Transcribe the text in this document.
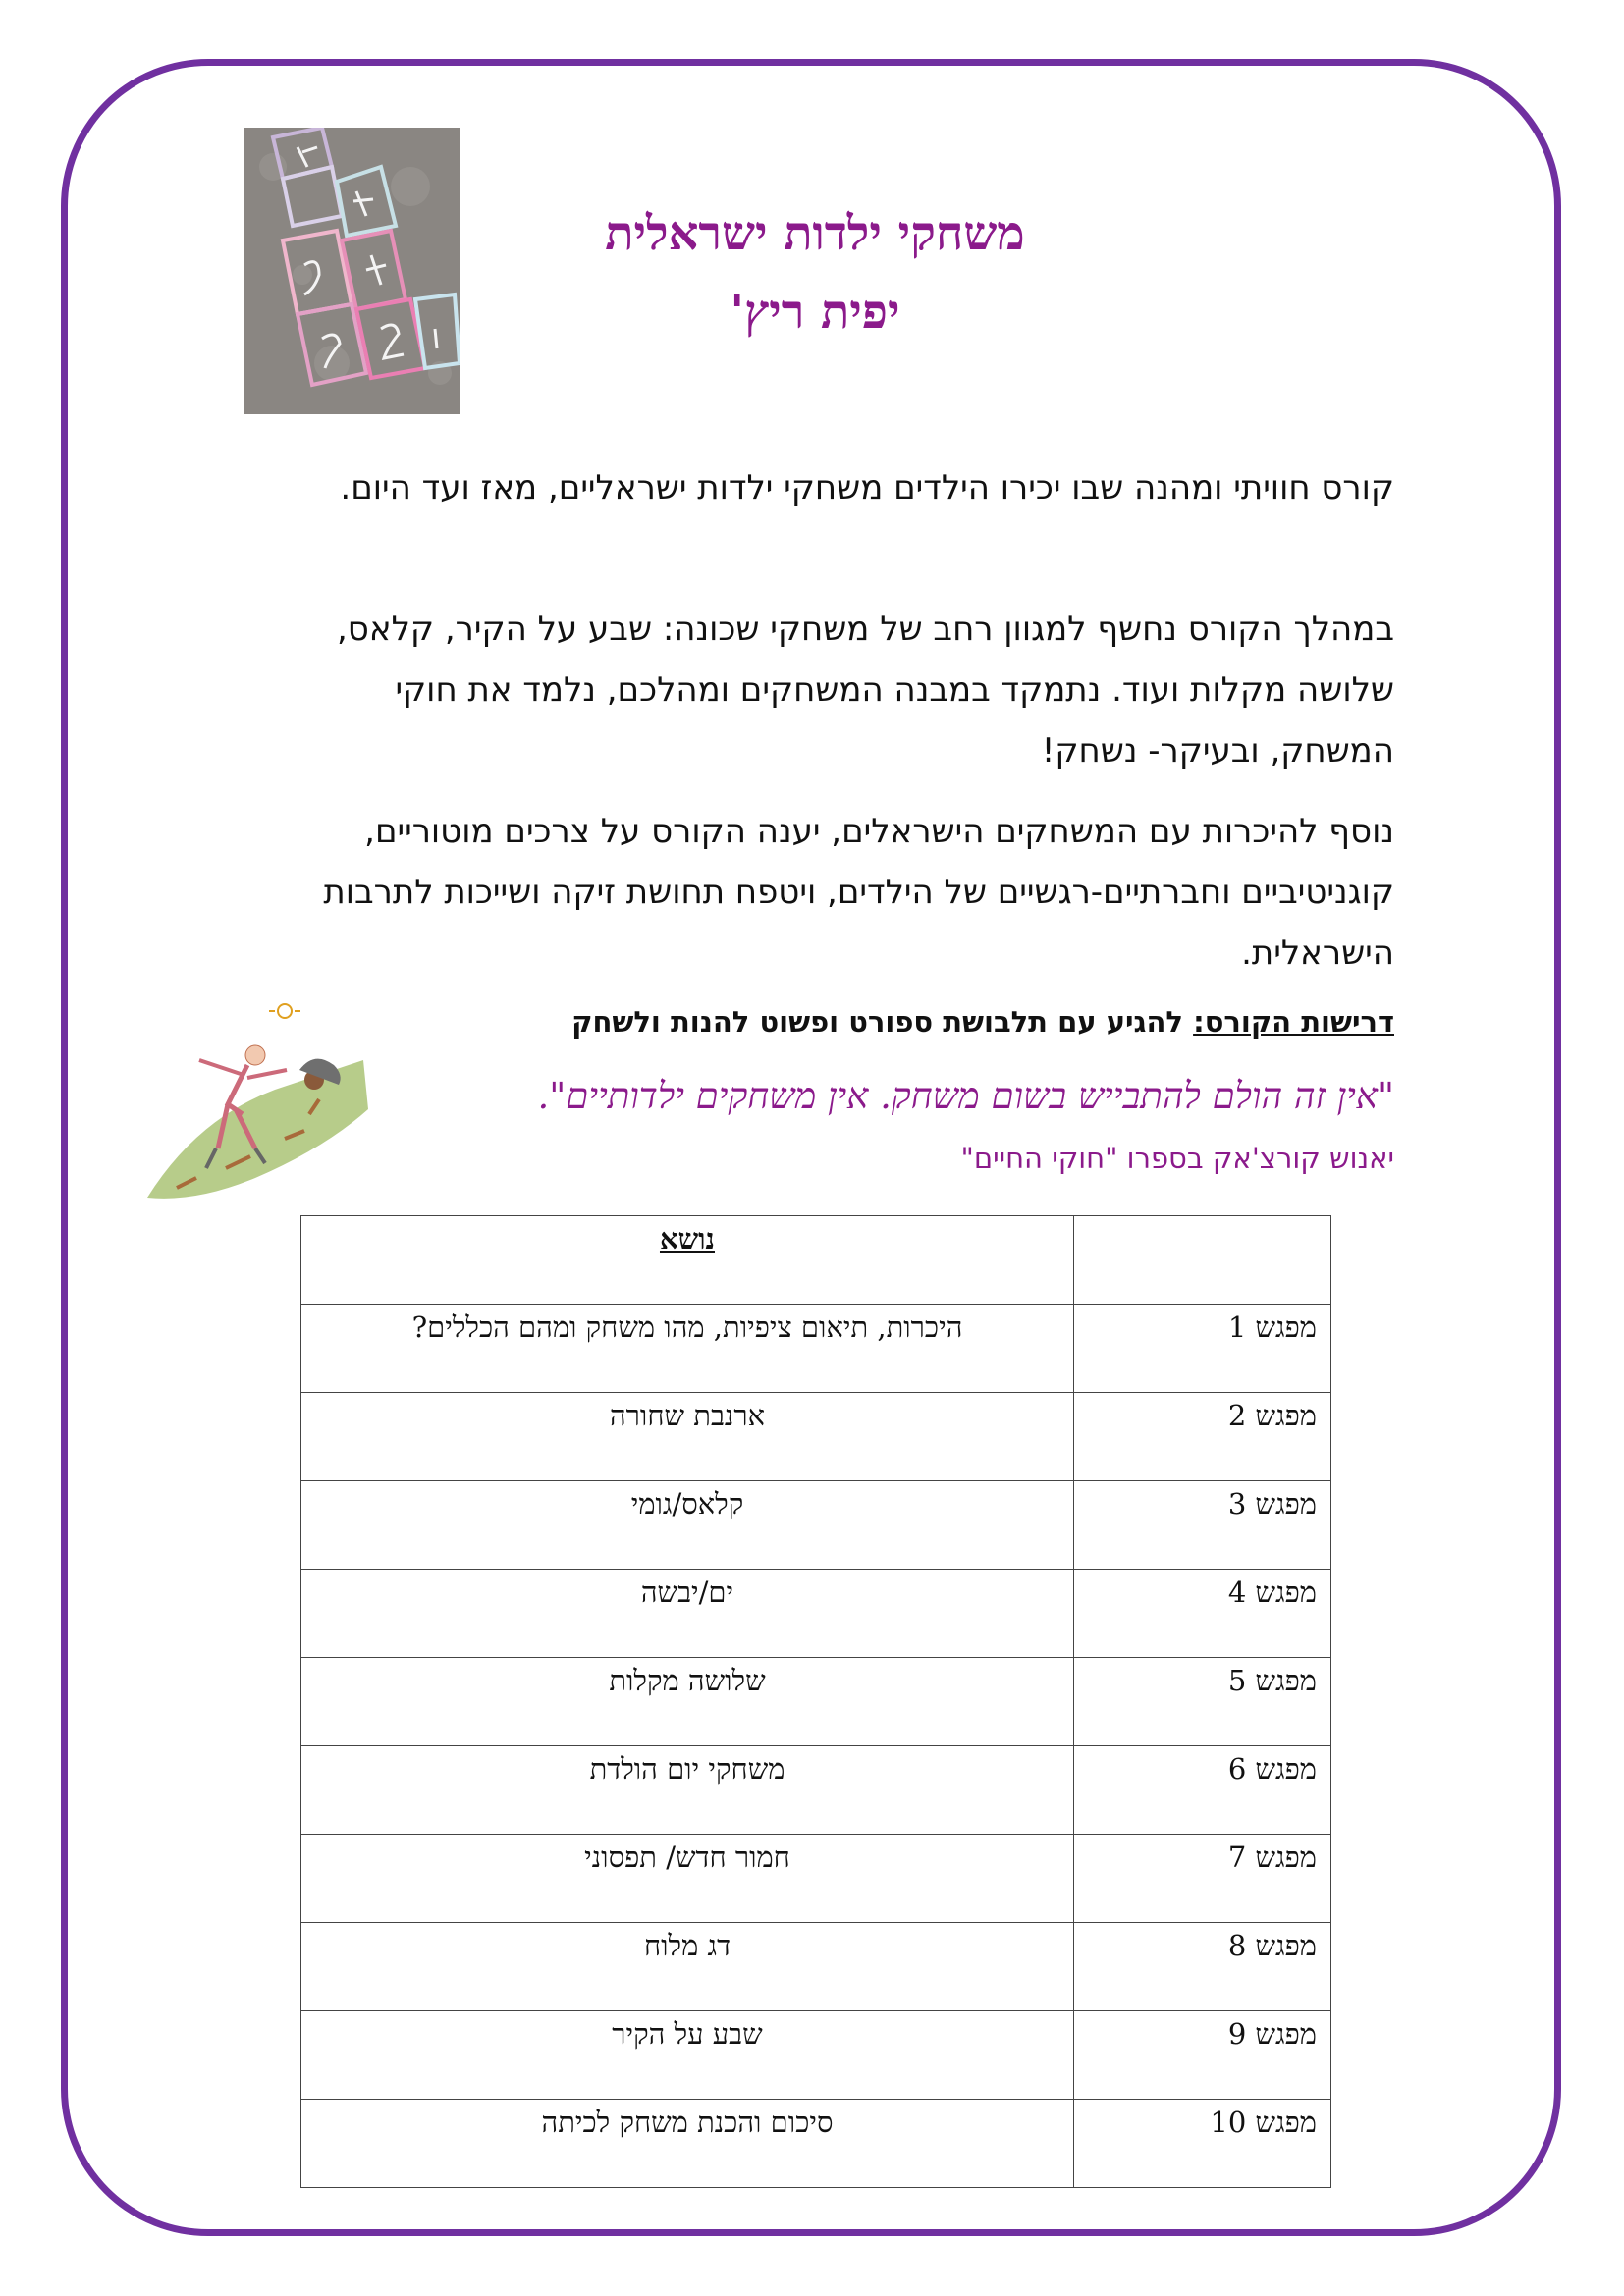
משחקי ילדות ישראלית
יפית ריץ'

קורס חוויתי ומהנה שבו יכירו הילדים משחקי ילדות ישראליים, מאז ועד היום.

במהלך הקורס נחשף למגוון רחב של משחקי שכונה: שבע על הקיר, קלאס, שלושה מקלות ועוד. נתמקד במבנה המשחקים ומהלכם, נלמד את חוקי המשחק, ובעיקר- נשחק!

נוסף להיכרות עם המשחקים הישראלים, יענה הקורס על צרכים מוטוריים, קוגניטיביים וחברתיים-רגשיים של הילדים, ויטפח תחושת זיקה ושייכות לתרבות הישראלית.

דרישות הקורס: להגיע עם תלבושת ספורט ופשוט להנות ולשחק

"אין זה הולם להתבייש בשום משחק. אין משחקים ילדותיים".

יאנוש קורצ'אק בספרו "חוקי החיים"

	נושא
מפגש 1	היכרות, תיאום ציפיות, מהו משחק ומהם הכללים?
מפגש 2	ארנבת שחורה
מפגש 3	קלאס/גומי
מפגש 4	ים/יבשה
מפגש 5	שלושה מקלות
מפגש 6	משחקי יום הולדת
מפגש 7	חמור חדש/ תפסוני
מפגש 8	דג מלוח
מפגש 9	שבע על הקיר
מפגש 10	סיכום והכנת משחק לכיתה
